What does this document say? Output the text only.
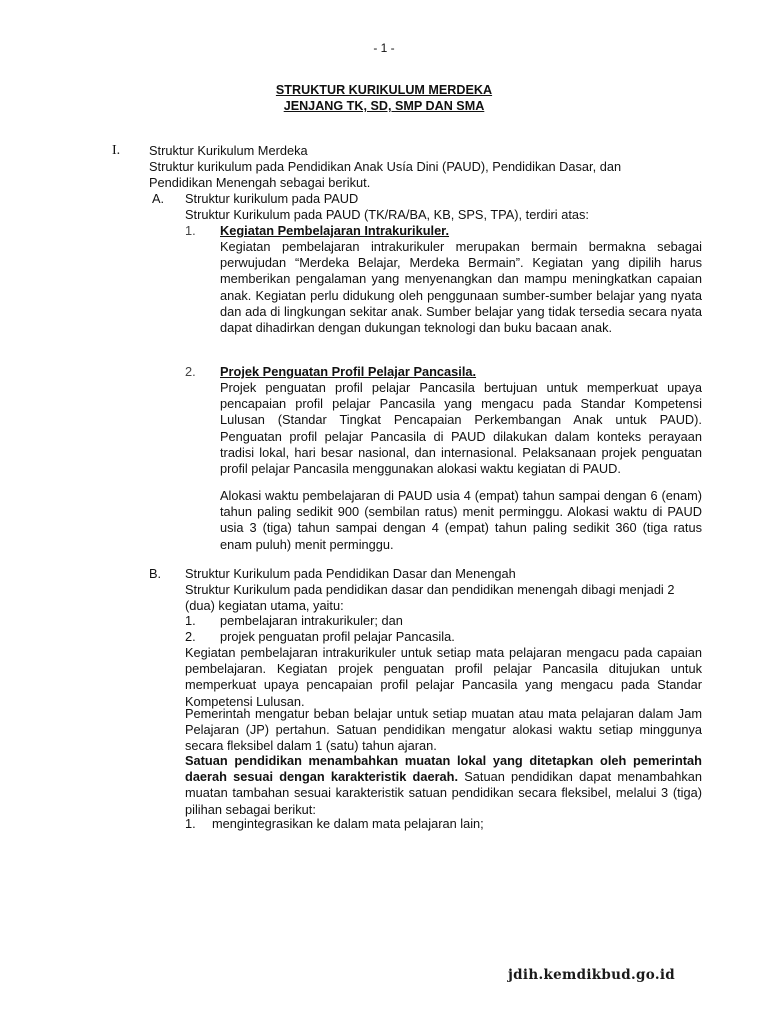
- 1 -
STRUKTUR KURIKULUM MERDEKA
JENJANG TK, SD, SMP DAN SMA
I. Struktur Kurikulum Merdeka
Struktur kurikulum pada Pendidikan Anak Usía Dini (PAUD), Pendidikan Dasar, dan Pendidikan Menengah sebagai berikut.
A. Struktur kurikulum pada PAUD
Struktur Kurikulum pada PAUD (TK/RA/BA, KB, SPS, TPA), terdiri atas:
1. Kegiatan Pembelajaran Intrakurikuler.
Kegiatan pembelajaran intrakurikuler merupakan bermain bermakna sebagai perwujudan “Merdeka Belajar, Merdeka Bermain”. Kegiatan yang dipilih harus memberikan pengalaman yang menyenangkan dan mampu meningkatkan capaian anak. Kegiatan perlu didukung oleh penggunaan sumber-sumber belajar yang nyata dan ada di lingkungan sekitar anak. Sumber belajar yang tidak tersedia secara nyata dapat dihadirkan dengan dukungan teknologi dan buku bacaan anak.
2. Projek Penguatan Profil Pelajar Pancasila.
Projek penguatan profil pelajar Pancasila bertujuan untuk memperkuat upaya pencapaian profil pelajar Pancasila yang mengacu pada Standar Kompetensi Lulusan (Standar Tingkat Pencapaian Perkembangan Anak untuk PAUD). Penguatan profil pelajar Pancasila di PAUD dilakukan dalam konteks perayaan tradisi lokal, hari besar nasional, dan internasional. Pelaksanaan projek penguatan profil pelajar Pancasila menggunakan alokasi waktu kegiatan di PAUD.
Alokasi waktu pembelajaran di PAUD usia 4 (empat) tahun sampai dengan 6 (enam) tahun paling sedikit 900 (sembilan ratus) menit perminggu. Alokasi waktu di PAUD usia 3 (tiga) tahun sampai dengan 4 (empat) tahun paling sedikit 360 (tiga ratus enam puluh) menit perminggu.
B. Struktur Kurikulum pada Pendidikan Dasar dan Menengah
Struktur Kurikulum pada pendidikan dasar dan pendidikan menengah dibagi menjadi 2 (dua) kegiatan utama, yaitu:
1. pembelajaran intrakurikuler; dan
2. projek penguatan profil pelajar Pancasila.
Kegiatan pembelajaran intrakurikuler untuk setiap mata pelajaran mengacu pada capaian pembelajaran. Kegiatan projek penguatan profil pelajar Pancasila ditujukan untuk memperkuat upaya pencapaian profil pelajar Pancasila yang mengacu pada Standar Kompetensi Lulusan.
Pemerintah mengatur beban belajar untuk setiap muatan atau mata pelajaran dalam Jam Pelajaran (JP) pertahun. Satuan pendidikan mengatur alokasi waktu setiap minggunya secara fleksibel dalam 1 (satu) tahun ajaran.
Satuan pendidikan menambahkan muatan lokal yang ditetapkan oleh pemerintah daerah sesuai dengan karakteristik daerah. Satuan pendidikan dapat menambahkan muatan tambahan sesuai karakteristik satuan pendidikan secara fleksibel, melalui 3 (tiga) pilihan sebagai berikut:
1. mengintegrasikan ke dalam mata pelajaran lain;
jdih.kemdikbud.go.id
